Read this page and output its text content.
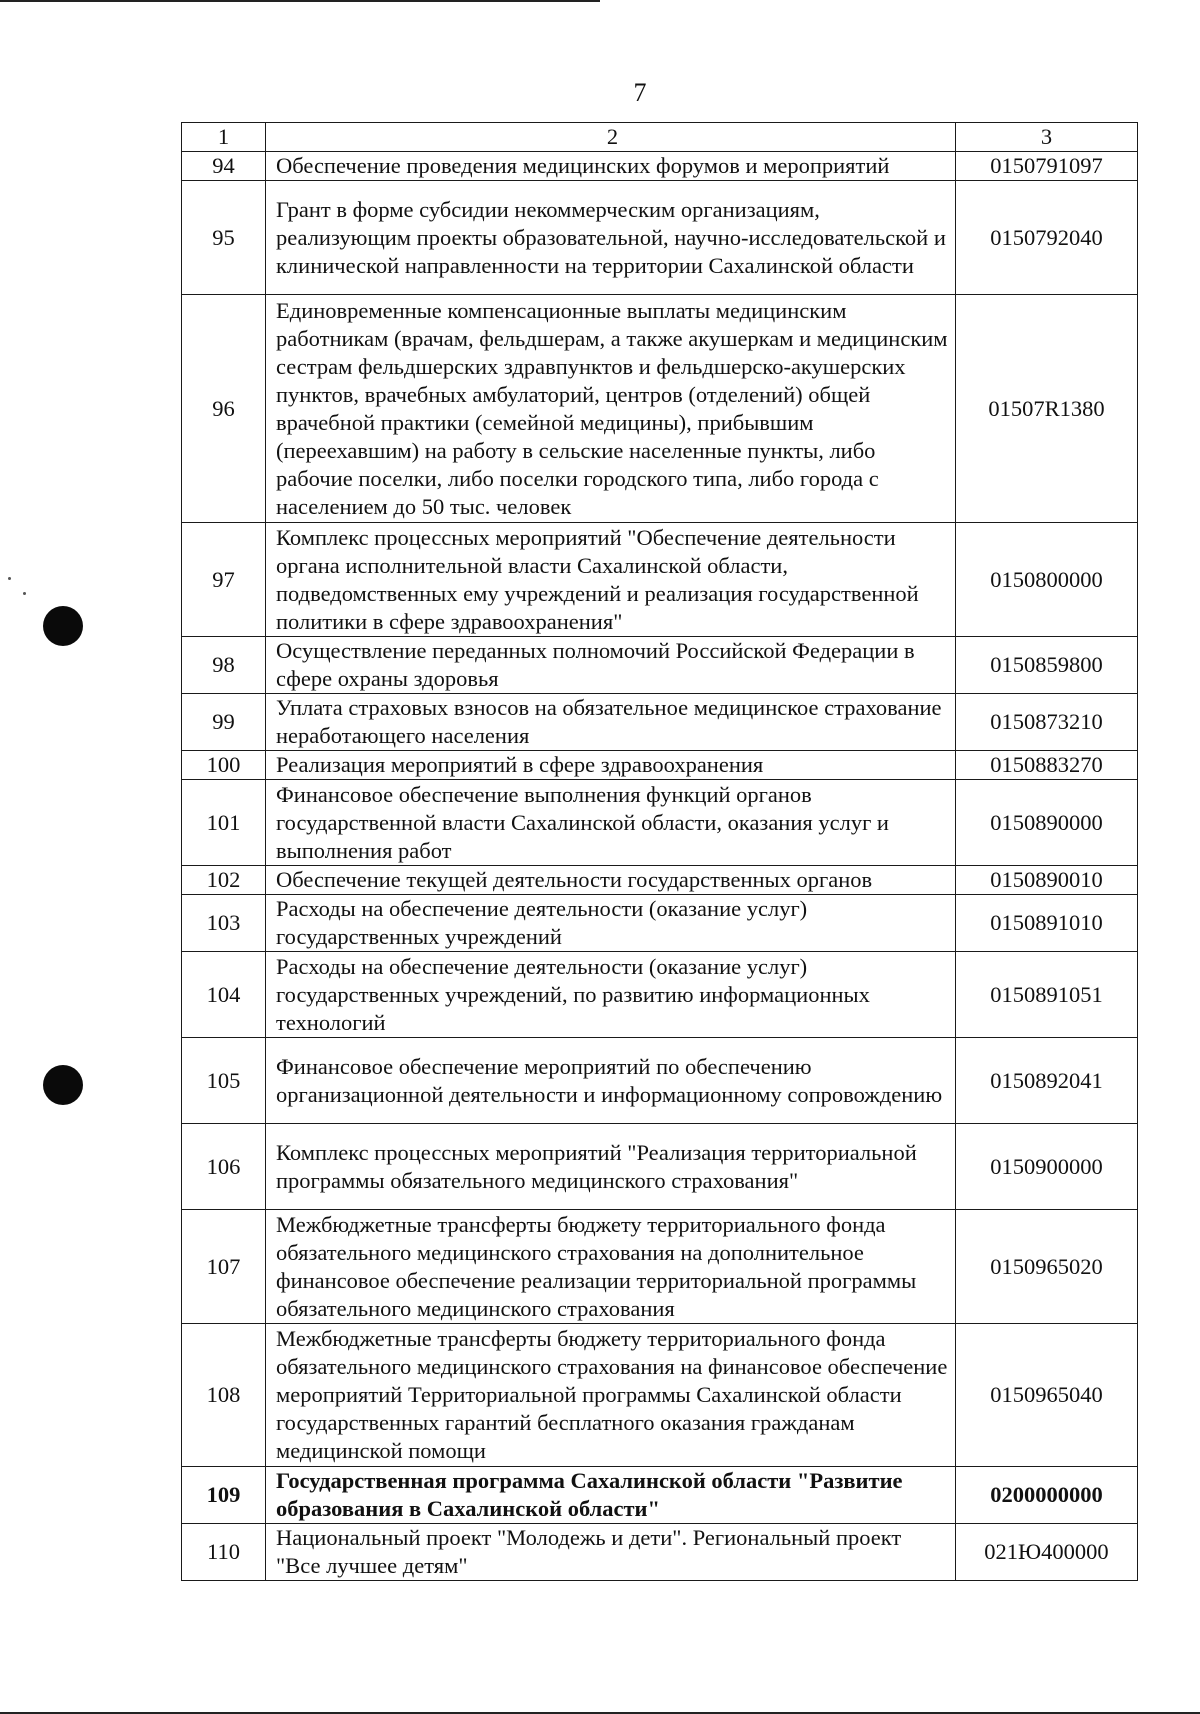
7
1	2	3
94	Обеспечение проведения медицинских форумов и мероприятий	0150791097
95	Грант в форме субсидии некоммерческим организациям, реализующим проекты образовательной, научно-исследовательской и клинической направленности на территории Сахалинской области	0150792040
96	Единовременные компенсационные выплаты медицинским работникам (врачам, фельдшерам, а также акушеркам и медицинским сестрам фельдшерских здравпунктов и фельдшерско-акушерских пунктов, врачебных амбулаторий, центров (отделений) общей врачебной практики (семейной медицины), прибывшим (переехавшим) на работу в сельские населенные пункты, либо рабочие поселки, либо поселки городского типа, либо города с населением до 50 тыс. человек	01507R1380
97	Комплекс процессных мероприятий "Обеспечение деятельности органа исполнительной власти Сахалинской области, подведомственных ему учреждений и реализация государственной политики в сфере здравоохранения"	0150800000
98	Осуществление переданных полномочий Российской Федерации в сфере охраны здоровья	0150859800
99	Уплата страховых взносов на обязательное медицинское страхование неработающего населения	0150873210
100	Реализация мероприятий в сфере здравоохранения	0150883270
101	Финансовое обеспечение выполнения функций органов государственной власти Сахалинской области, оказания услуг и выполнения работ	0150890000
102	Обеспечение текущей деятельности государственных органов	0150890010
103	Расходы на обеспечение деятельности (оказание услуг) государственных учреждений	0150891010
104	Расходы на обеспечение деятельности (оказание услуг) государственных учреждений, по развитию информационных технологий	0150891051
105	Финансовое обеспечение мероприятий по обеспечению организационной деятельности и информационному сопровождению	0150892041
106	Комплекс процессных мероприятий "Реализация территориальной программы обязательного медицинского страхования"	0150900000
107	Межбюджетные трансферты бюджету территориального фонда обязательного медицинского страхования на дополнительное финансовое обеспечение реализации территориальной программы обязательного медицинского страхования	0150965020
108	Межбюджетные трансферты бюджету территориального фонда обязательного медицинского страхования на финансовое обеспечение мероприятий Территориальной программы Сахалинской области государственных гарантий бесплатного оказания гражданам медицинской помощи	0150965040
109	Государственная программа Сахалинской области "Развитие образования в Сахалинской области"	0200000000
110	Национальный проект "Молодежь и дети". Региональный проект "Все лучшее детям"	021Ю400000
